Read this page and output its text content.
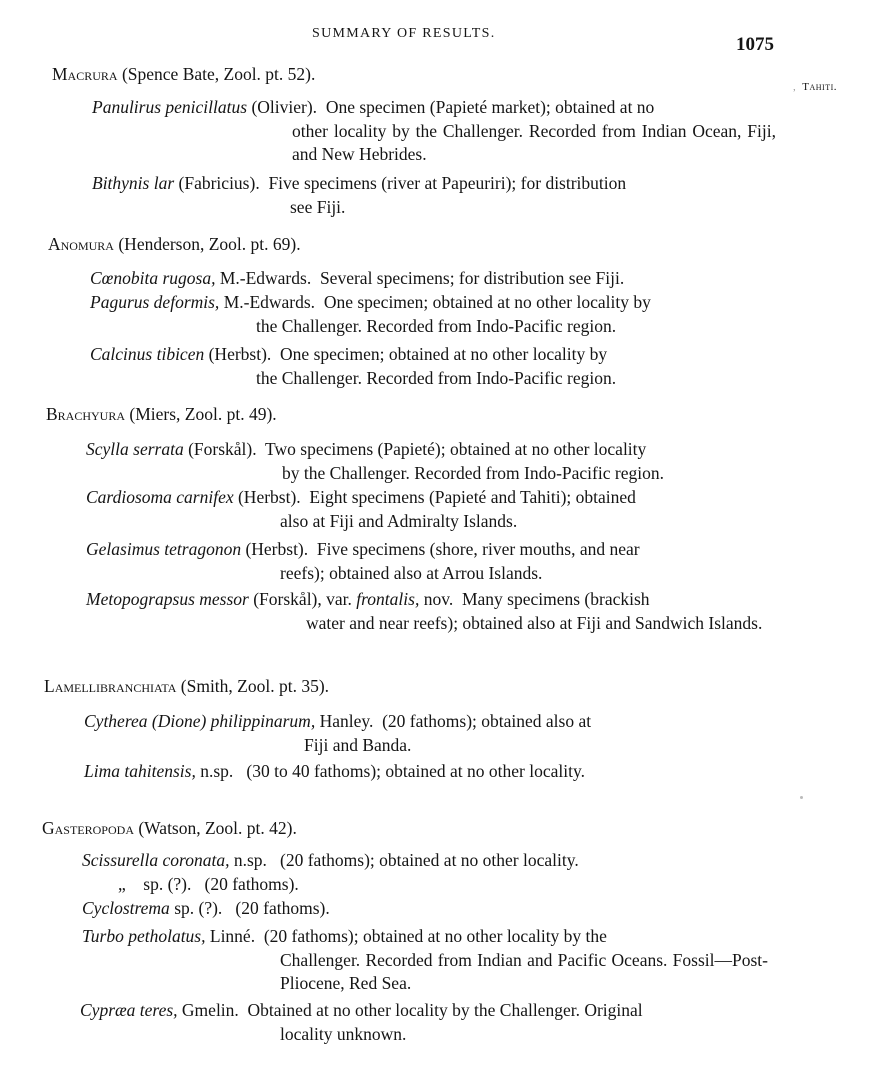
SUMMARY OF RESULTS.
1075
, Tahiti.
Macrura (Spence Bate, Zool. pt. 52).
Panulirus penicillatus (Olivier). One specimen (Papieté market); obtained at no
other locality by the Challenger. Recorded from Indian Ocean, Fiji, and New Hebrides.
Bithynis lar (Fabricius). Five specimens (river at Papeuriri); for distribution
see Fiji.
Anomura (Henderson, Zool. pt. 69).
Cœnobita rugosa, M.-Edwards. Several specimens; for distribution see Fiji.
Pagurus deformis, M.-Edwards. One specimen; obtained at no other locality by
the Challenger. Recorded from Indo-Pacific region.
Calcinus tibicen (Herbst). One specimen; obtained at no other locality by
the Challenger. Recorded from Indo-Pacific region.
Brachyura (Miers, Zool. pt. 49).
Scylla serrata (Forskål). Two specimens (Papieté); obtained at no other locality
by the Challenger. Recorded from Indo-Pacific region.
Cardiosoma carnifex (Herbst). Eight specimens (Papieté and Tahiti); obtained
also at Fiji and Admiralty Islands.
Gelasimus tetragonon (Herbst). Five specimens (shore, river mouths, and near
reefs); obtained also at Arrou Islands.
Metopograpsus messor (Forskål), var. frontalis, nov. Many specimens (brackish
water and near reefs); obtained also at Fiji and Sandwich Islands.
Lamellibranchiata (Smith, Zool. pt. 35).
Cytherea (Dione) philippinarum, Hanley. (20 fathoms); obtained also at
Fiji and Banda.
Lima tahitensis, n.sp. (30 to 40 fathoms); obtained at no other locality.
Gasteropoda (Watson, Zool. pt. 42).
Scissurella coronata, n.sp. (20 fathoms); obtained at no other locality.
„    sp. (?). (20 fathoms).
Cyclostrema sp. (?). (20 fathoms).
Turbo petholatus, Linné. (20 fathoms); obtained at no other locality by the
Challenger. Recorded from Indian and Pacific Oceans. Fossil—Post-Pliocene, Red Sea.
Cypræa teres, Gmelin. Obtained at no other locality by the Challenger. Original
locality unknown.
